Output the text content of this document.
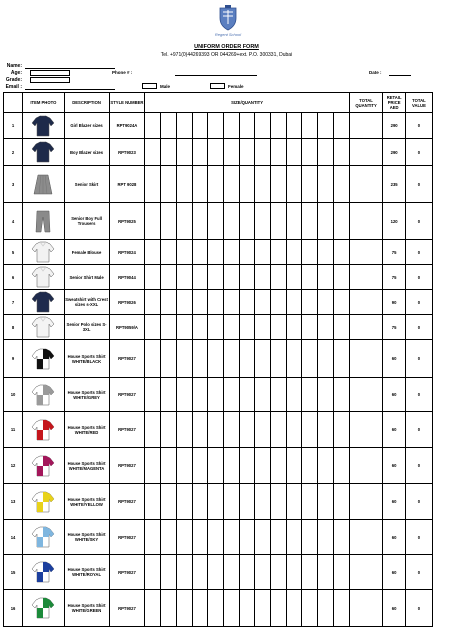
Regent School
UNIFORM ORDER FORM
Tel. +971(0)44269393 OR 044269+ext. P.O. 300331, Dubai
Name:
Age:	Phone # :	Date :
Grade:
Email :	Male	Female
	ITEM PHOTO	DESCRIPTION	STYLE NUMBER	SIZE/QUANTITY													TOTAL QUANTITY	RETAIL PRICE AED	TOTAL VALUE
1		Girl Blazer sizes	RPT9024A															290	0
2		Boy Blazer sizes	RPT9023															290	0
3		Senior Skirt	RPT 9028															235	0
4		Senior Boy Full Trousers	RPT9025															120	0
5		Female Blouse	RPT9024															75	0
6		Senior Shirt Male	RPT9044															75	0
7		Sweatshirt with Crest sizes s-XXL	RPT9026															90	0
8		Senior Polo sizes S-3XL	RPT9059/A															75	0
9		House Sports Shirt WHITE/BLACK	RPT9027															60	0
10		House Sports Shirt WHITE/GREY	RPT9027															60	0
11		House Sports Shirt WHITE/RED	RPT9027															60	0
12		House Sports Shirt WHITE/MAGENTA	RPT9027															60	0
13		House Sports Shirt WHITE/YELLOW	RPT9027															60	0
14		House Sports Shirt WHITE/SKY	RPT9027															60	0
15		House Sports Shirt WHITE/ROYAL	RPT9027															60	0
16		House Sports Shirt WHITE/GREEN	RPT9027															60	0
